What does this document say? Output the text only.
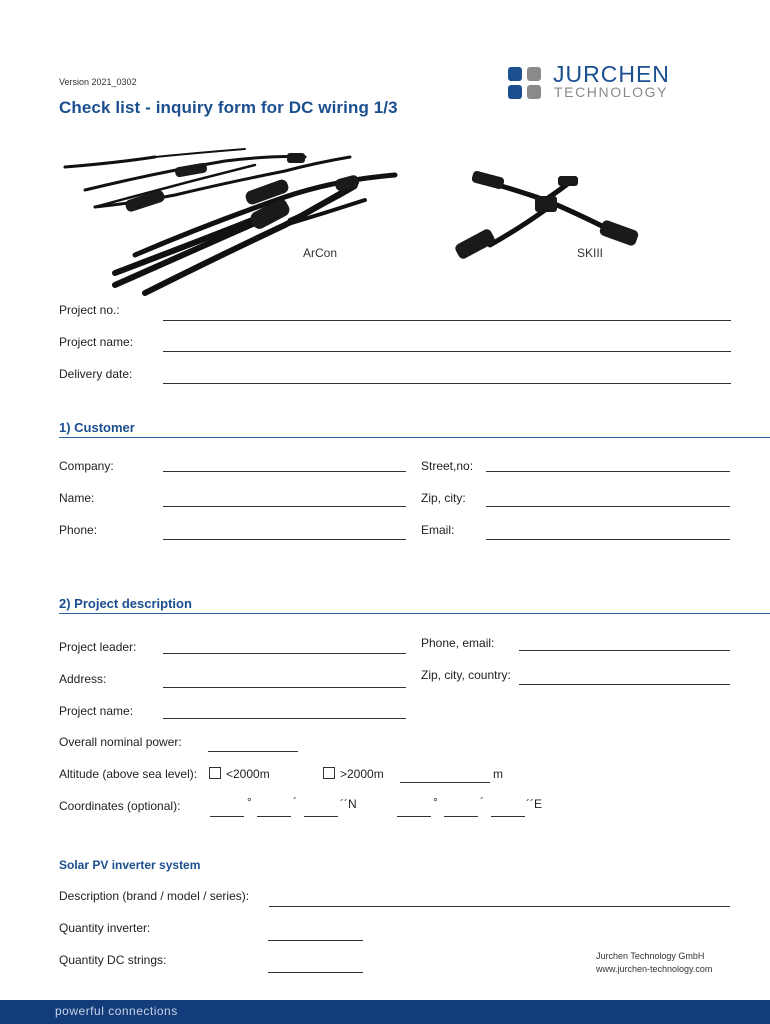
Version 2021_0302
Check list - inquiry form for DC wiring 1/3
JURCHEN
TECHNOLOGY
ArCon	SKIII
Project no.:
Project name:
Delivery date:
1) Customer
Company:	Street,no:
Name:	Zip, city:
Phone:	Email:
2) Project description
Project leader:	Phone, email:
Address:	Zip, city, country:
Project name:
Overall nominal power:
Altitude (above sea level):	<2000m	>2000m	m
Coordinates (optional):	°	´	´´N	°	´	´´E
Solar PV inverter system
Description (brand / model / series):
Quantity inverter:
Quantity DC strings:	Jurchen Technology GmbH
www.jurchen-technology.com
powerful connections
